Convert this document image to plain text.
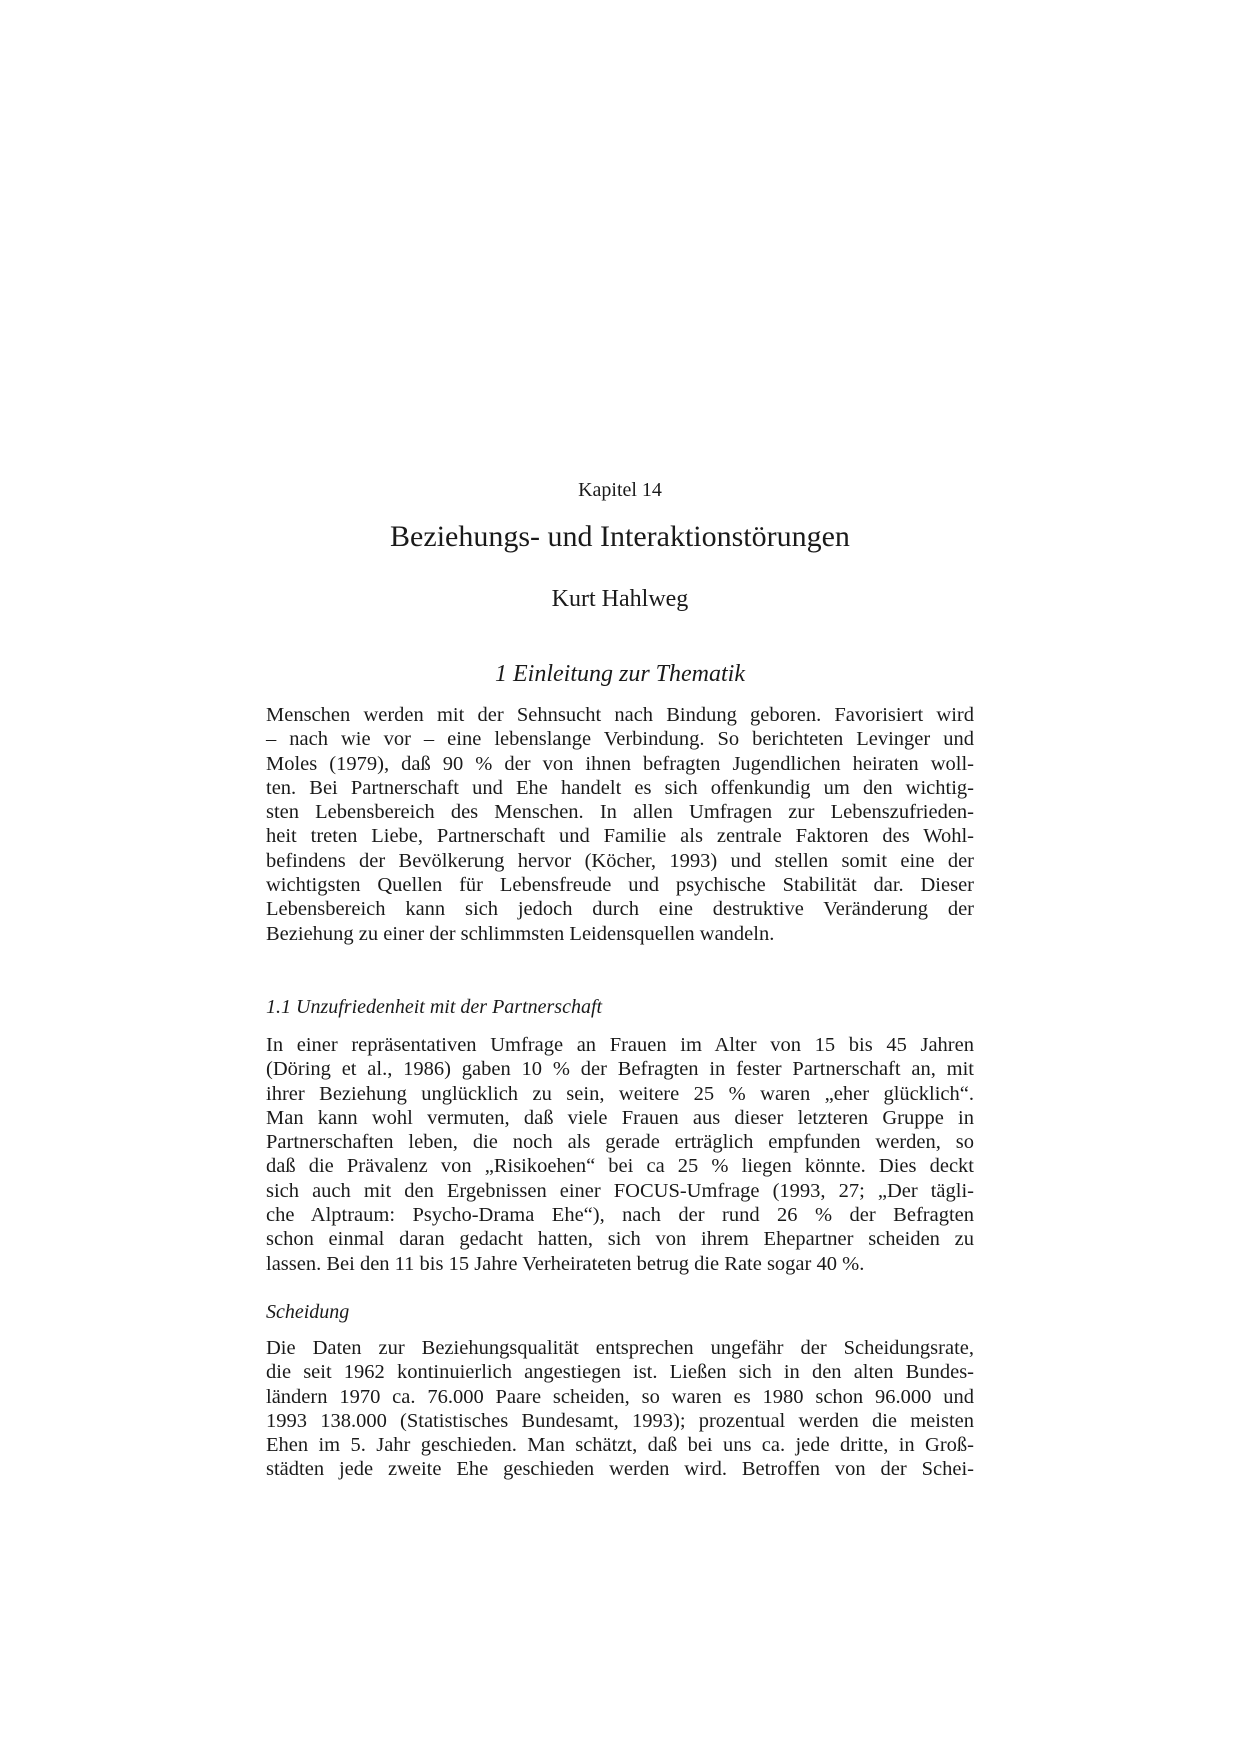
Kapitel 14
Beziehungs- und Interaktionstörungen
Kurt Hahlweg
1 Einleitung zur Thematik

Menschen werden mit der Sehnsucht nach Bindung geboren. Favorisiert wird
– nach wie vor – eine lebenslange Verbindung. So berichteten Levinger und
Moles (1979), daß 90 % der von ihnen befragten Jugendlichen heiraten woll-
ten. Bei Partnerschaft und Ehe handelt es sich offenkundig um den wichtig-
sten Lebensbereich des Menschen. In allen Umfragen zur Lebenszufrieden-
heit treten Liebe, Partnerschaft und Familie als zentrale Faktoren des Wohl-
befindens der Bevölkerung hervor (Köcher, 1993) und stellen somit eine der
wichtigsten Quellen für Lebensfreude und psychische Stabilität dar. Dieser
Lebensbereich kann sich jedoch durch eine destruktive Veränderung der
Beziehung zu einer der schlimmsten Leidensquellen wandeln.

1.1 Unzufriedenheit mit der Partnerschaft

In einer repräsentativen Umfrage an Frauen im Alter von 15 bis 45 Jahren
(Döring et al., 1986) gaben 10 % der Befragten in fester Partnerschaft an, mit
ihrer Beziehung unglücklich zu sein, weitere 25 % waren „eher glücklich“.
Man kann wohl vermuten, daß viele Frauen aus dieser letzteren Gruppe in
Partnerschaften leben, die noch als gerade erträglich empfunden werden, so
daß die Prävalenz von „Risikoehen“ bei ca 25 % liegen könnte. Dies deckt
sich auch mit den Ergebnissen einer FOCUS-Umfrage (1993, 27; „Der tägli-
che Alptraum: Psycho-Drama Ehe“), nach der rund 26 % der Befragten
schon einmal daran gedacht hatten, sich von ihrem Ehepartner scheiden zu
lassen. Bei den 11 bis 15 Jahre Verheirateten betrug die Rate sogar 40 %.

Scheidung

Die Daten zur Beziehungsqualität entsprechen ungefähr der Scheidungsrate,
die seit 1962 kontinuierlich angestiegen ist. Ließen sich in den alten Bundes-
ländern 1970 ca. 76.000 Paare scheiden, so waren es 1980 schon 96.000 und
1993 138.000 (Statistisches Bundesamt, 1993); prozentual werden die meisten
Ehen im 5. Jahr geschieden. Man schätzt, daß bei uns ca. jede dritte, in Groß-
städten jede zweite Ehe geschieden werden wird. Betroffen von der Schei-
